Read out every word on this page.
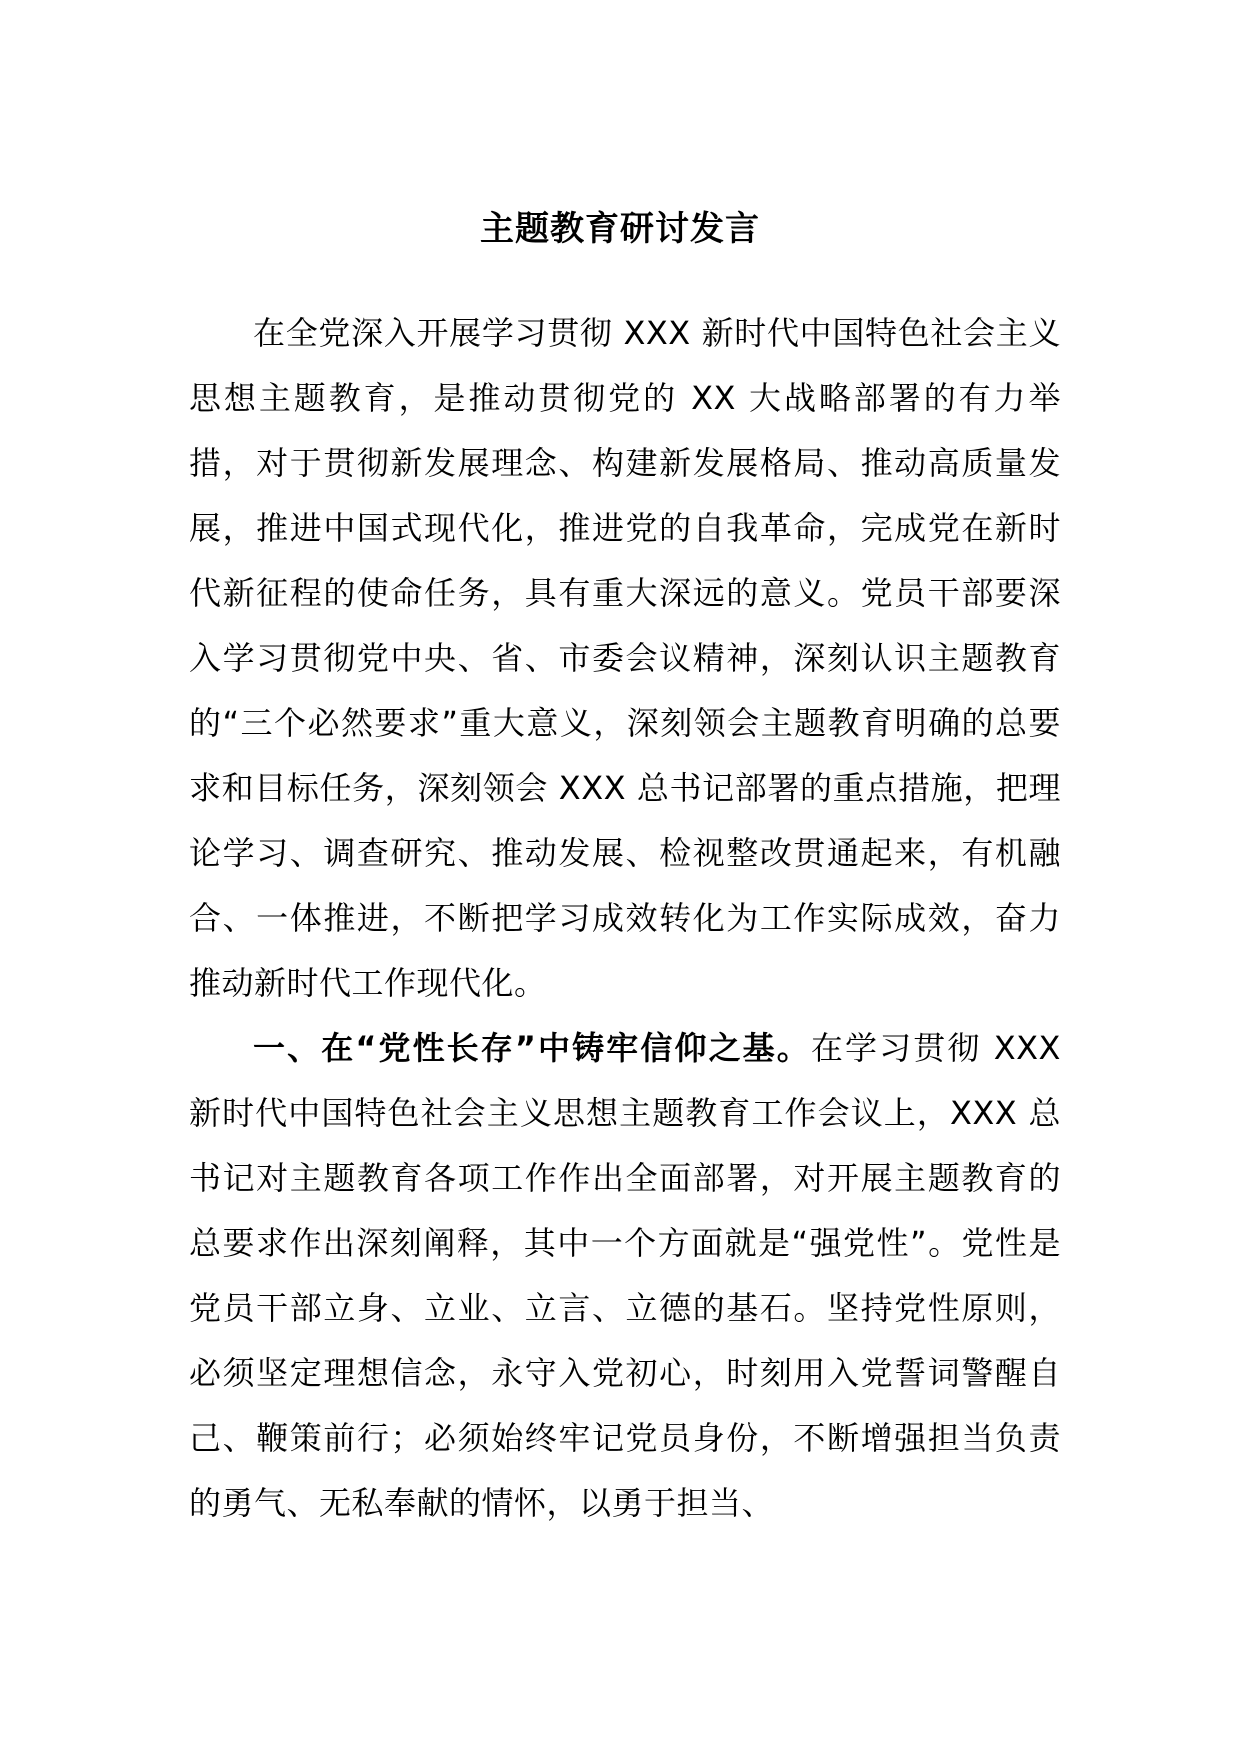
主题教育研讨发言

在全党深入开展学习贯彻 XXX 新时代中国特色社会主义思想主题教育，是推动贯彻党的 XX 大战略部署的有力举措，对于贯彻新发展理念、构建新发展格局、推动高质量发展，推进中国式现代化，推进党的自我革命，完成党在新时代新征程的使命任务，具有重大深远的意义。党员干部要深入学习贯彻党中央、省、市委会议精神，深刻认识主题教育的“三个必然要求”重大意义，深刻领会主题教育明确的总要求和目标任务，深刻领会 XXX 总书记部署的重点措施，把理论学习、调查研究、推动发展、检视整改贯通起来，有机融合、一体推进，不断把学习成效转化为工作实际成效，奋力推动新时代工作现代化。

一、在“党性长存”中铸牢信仰之基。在学习贯彻 XXX 新时代中国特色社会主义思想主题教育工作会议上，XXX 总书记对主题教育各项工作作出全面部署，对开展主题教育的总要求作出深刻阐释，其中一个方面就是“强党性”。党性是党员干部立身、立业、立言、立德的基石。坚持党性原则，必须坚定理想信念，永守入党初心，时刻用入党誓词警醒自己、鞭策前行；必须始终牢记党员身份，不断增强担当负责的勇气、无私奉献的情怀，以勇于担当、
